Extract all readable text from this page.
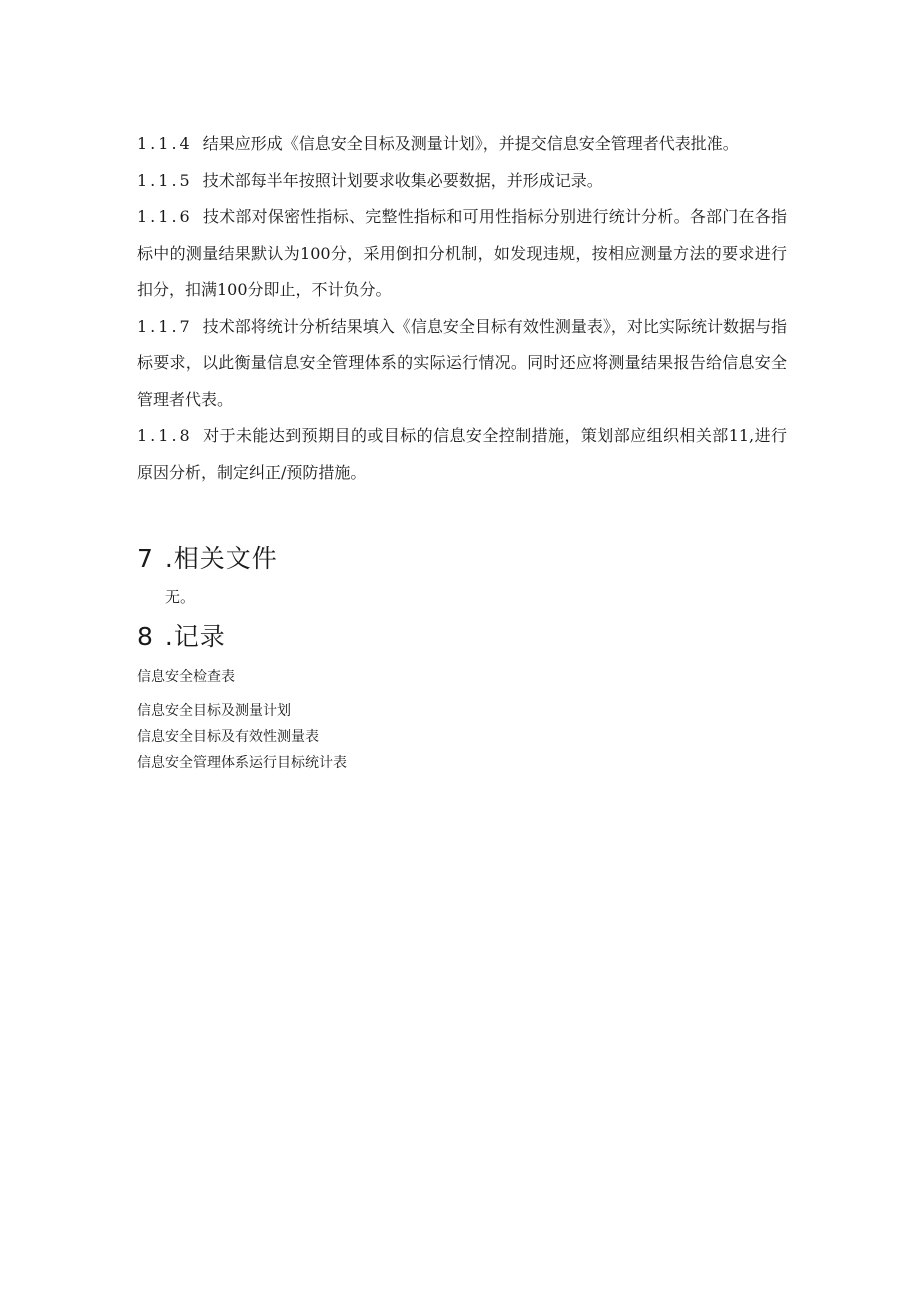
1.1.4 结果应形成《信息安全目标及测量计划》，并提交信息安全管理者代表批准。

1.1.5 技术部每半年按照计划要求收集必要数据，并形成记录。

1.1.6 技术部对保密性指标、完整性指标和可用性指标分别进行统计分析。各部门在各指标中的测量结果默认为100分，采用倒扣分机制，如发现违规，按相应测量方法的要求进行扣分，扣满100分即止，不计负分。

1.1.7 技术部将统计分析结果填入《信息安全目标有效性测量表》，对比实际统计数据与指标要求，以此衡量信息安全管理体系的实际运行情况。同时还应将测量结果报告给信息安全管理者代表。

1.1.8 对于未能达到预期目的或目标的信息安全控制措施，策划部应组织相关部11,进行原因分析，制定纠正/预防措施。

7 .相关文件

无。

8 .记录
信息安全检查表
信息安全目标及测量计划
信息安全目标及有效性测量表
信息安全管理体系运行目标统计表
